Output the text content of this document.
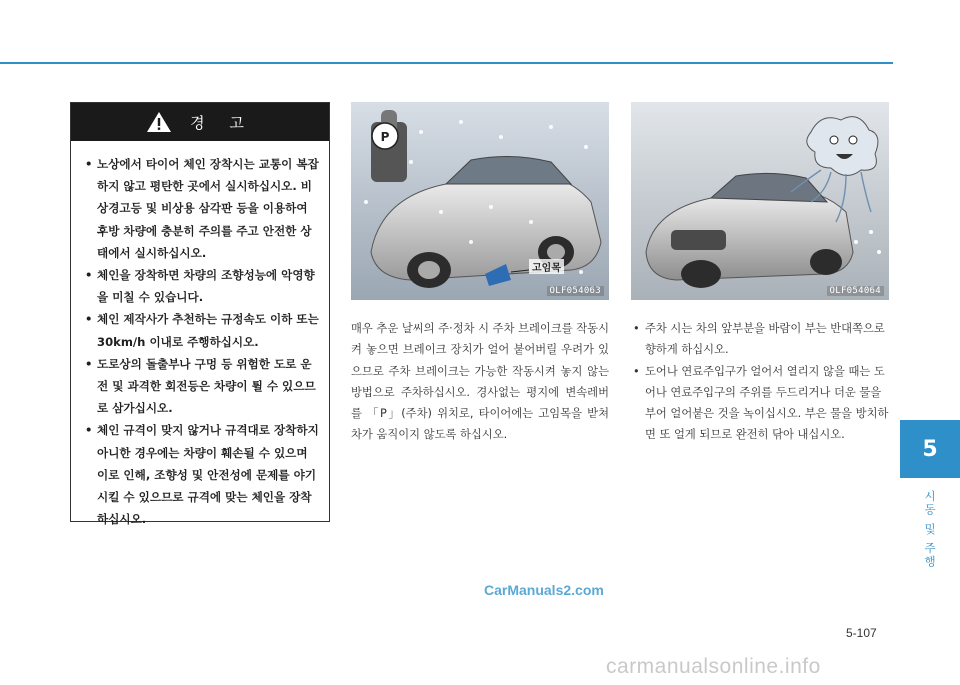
경 고
• 노상에서 타이어 체인 장착시는 교통이 복잡하지 않고 평탄한 곳에서 실시하십시오. 비상경고등 및 비상용 삼각판 등을 이용하여 후방 차량에 충분히 주의를 주고 안전한 상태에서 실시하십시오.
• 체인을 장착하면 차량의 조향성능에 악영향을 미칠 수 있습니다.
• 체인 제작사가 추천하는 규정속도 이하 또는 30km/h 이내로 주행하십시오.
• 도로상의 돌출부나 구멍 등 위험한 도로 운전 및 과격한 회전등은 차량이 튈 수 있으므로 삼가십시오.
• 체인 규격이 맞지 않거나 규격대로 장착하지 아니한 경우에는 차량이 훼손될 수 있으며 이로 인해, 조향성 및 안전성에 문제를 야기시킬 수 있으므로 규격에 맞는 체인을 장착하십시오.
P
고임목
OLF054063	OLF054064

매우 추운 날씨의 주·정차 시 주차 브레이크를 작동시켜 놓으면 브레이크 장치가 얼어 붙어버릴 우려가 있으므로 주차 브레이크는 가능한 작동시켜 놓지 않는 방법으로 주차하십시오. 경사없는 평지에 변속레버를 「P」(주차) 위치로, 타이어에는 고임목을 받쳐 차가 움직이지 않도록 하십시오.

• 주차 시는 차의 앞부분을 바람이 부는 반대쪽으로 향하게 하십시오.
• 도어나 연료주입구가 얼어서 열리지 않을 때는 도어나 연료주입구의 주위를 두드리거나 더운 물을 부어 얼어붙은 것을 녹이십시오. 부은 물을 방치하면 또 얼게 되므로 완전히 닦아 내십시오.
5
시동 및 주행
CarManuals2.com
5-107
carmanualsonline.info
